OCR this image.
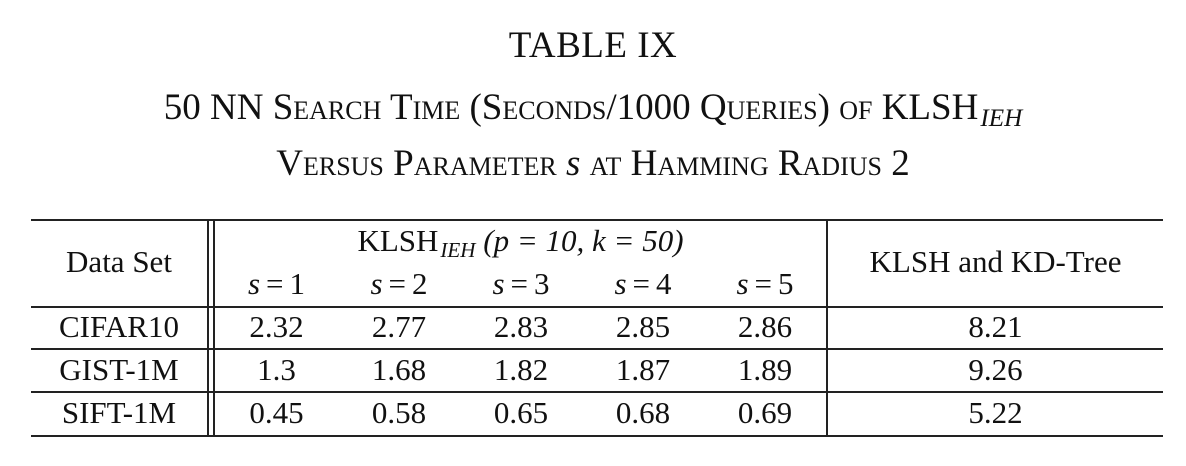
TABLE IX
50 NN Search Time (Seconds/1000 Queries) of $KLSH_{IEH}$
Versus Parameter s at Hamming Radius 2
Data Set
$KLSH_{IEH}$ (p = 10, k = 50)
s = 1	s = 2	s = 3	s = 4	s = 5
KLSH and KD-Tree
CIFAR10	2.32	2.77	2.83	2.85	2.86	8.21
GIST-1M	1.3	1.68	1.82	1.87	1.89	9.26
SIFT-1M	0.45	0.58	0.65	0.68	0.69	5.22
